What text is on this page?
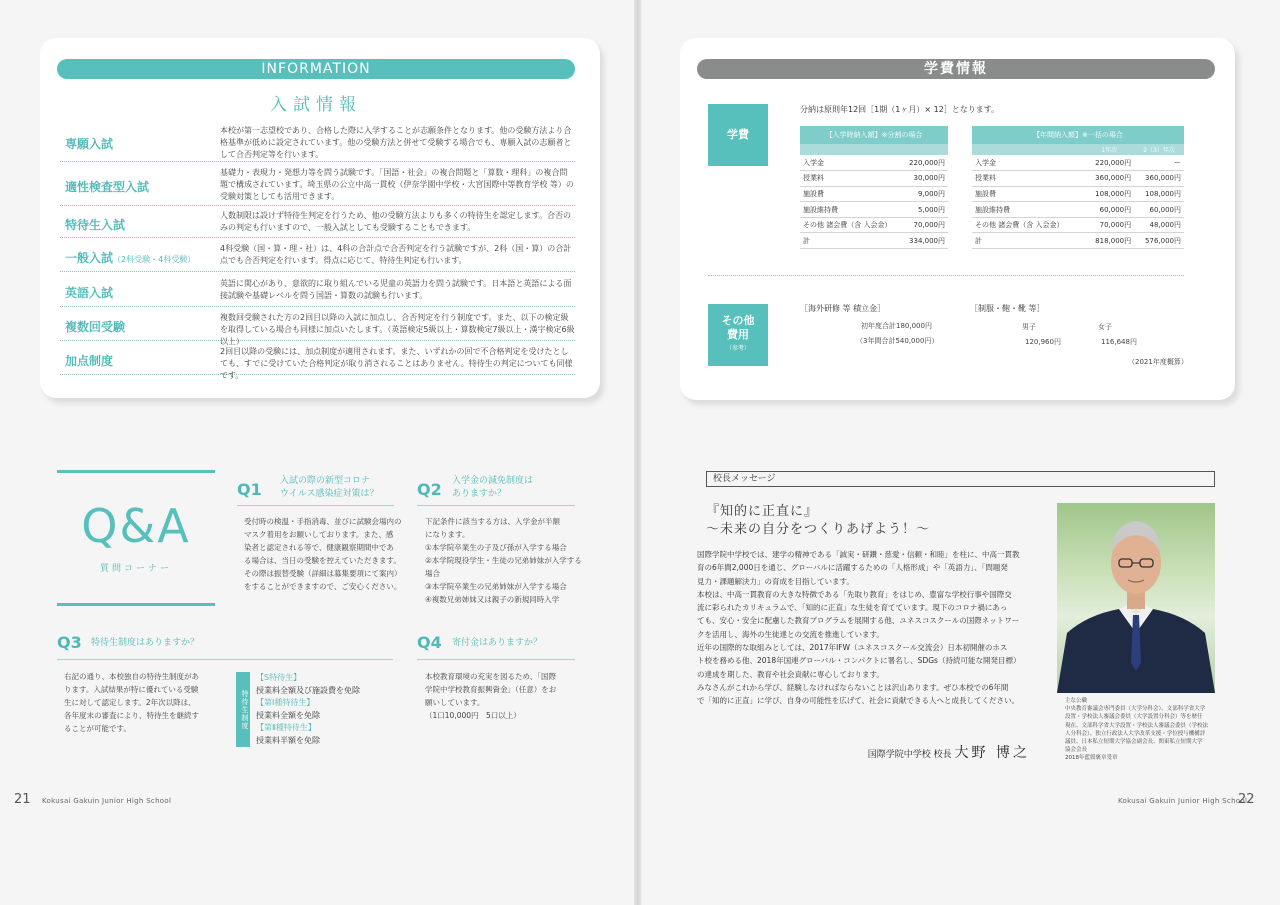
INFORMATION
入試情報
専願入試
本校が第一志望校であり、合格した際に入学することが志願条件となります。他の受験方法より合格基準が低めに設定されています。他の受験方法と併せて受験する場合でも、専願入試の志願者として合否判定等を行います。
適性検査型入試
基礎力・表現力・発想力等を問う試験です。「国語・社会」の複合問題と「算数・理科」の複合問題で構成されています。埼玉県の公立中高一貫校（伊奈学園中学校・大宮国際中等教育学校 等）の受験対策としても活用できます。
特待生入試
人数制限は設けず特待生判定を行うため、他の受験方法よりも多くの特待生を認定します。合否のみの判定も行いますので、一般入試としても受験することもできます。
一般入試（2科受験・4科受験）
4科受験（国・算・理・社）は、4科の合計点で合否判定を行う試験ですが、2科（国・算）の合計点でも合否判定を行います。得点に応じて、特待生判定も行います。
英語入試
英語に関心があり、意欲的に取り組んでいる児童の英語力を問う試験です。日本語と英語による面接試験や基礎レベルを問う国語・算数の試験も行います。
複数回受験
複数回受験された方の2回目以降の入試に加点し、合否判定を行う制度です。また、以下の検定級を取得している場合も同様に加点いたします。（英語検定5級以上・算数検定7級以上・漢字検定6級以上）
加点制度
2回目以降の受験には、加点制度が適用されます。また、いずれかの回で不合格判定を受けたとしても、すでに受けていた合格判定が取り消されることはありません。特待生の判定についても同様です。
Q&A
質問コーナー
Q1 入試の際の新型コロナ
ウイルス感染症対策は？
受付時の検温・手指消毒、並びに試験会場内の
マスク着用をお願いしております。また、感
染者と認定される等で、健康観察期間中であ
る場合は、当日の受験を控えていただきます。
その際は振替受験（詳細は募集要項にて案内）
をすることができますので、ご安心ください。
Q2 入学金の減免制度は
ありますか？
下記条件に該当する方は、入学金が半額
になります。
①本学院卒業生の子及び孫が入学する場合
②本学院現役学生・生徒の兄弟姉妹が入学する場合
③本学院卒業生の兄弟姉妹が入学する場合
④複数兄弟姉妹又は親子の新規同時入学
Q3 特待生制度はありますか？
右記の通り、本校独自の特待生制度があ
ります。入試結果が特に優れている受験
生に対して認定します。2年次以降は、
各年度末の審査により、特待生を継続す
ることが可能です。	特待生制度
【S特待生】
授業料全額及び施設費を免除
【第Ⅰ種特待生】
授業料全額を免除
【第Ⅱ種特待生】
授業料半額を免除
Q4 寄付金はありますか？
本校教育環境の充実を図るため、「国際
学院中学校教育振興資金」（任意）をお
願いしています。
（1口10,000円　5口以上）
21 Kokusai Gakuin Junior High School
学費情報
学費
分納は原則年12回［1期（1ヶ月）× 12］となります。
【入学時納入額】※分割の場合	

入学金	220,000円
授業料	30,000円
施設費	9,000円
施設維持費	5,000円
その他 諸会費（含 入会金）	70,000円
計	334,000円
【年間納入額】※一括の場合		
	1年次	2（3）年次
入学金	220,000円	ー
授業料	360,000円	360,000円
施設費	108,000円	108,000円
施設維持費	60,000円	60,000円
その他 諸会費（含 入会金）	70,000円	48,000円
計	818,000円	576,000円
その他
費用
（参考）
［海外研修 等 積立金］
初年度合計180,000円
（3年間合計540,000円）
［制服・鞄・靴 等］
男子	女子
120,960円	116,648円
（2021年度概算）
校長メッセージ
『知的に正直に』
～未来の自分をつくりあげよう！～
国際学院中学校では、建学の精神である「誠実・研鑽・慈愛・信頼・和睦」を柱に、中高一貫教
育の6年間2,000日を通じ、グローバルに活躍するための「人格形成」や「英語力」、「問題発
見力・課題解決力」の育成を目指しています。
本校は、中高一貫教育の大きな特徴である「先取り教育」をはじめ、豊富な学校行事や国際交
流に彩られたカリキュラムで、「知的に正直」な生徒を育てています。現下のコロナ禍にあっ
ても、安心・安全に配慮した教育プログラムを展開する他、ユネスコスクールの国際ネットワー
クを活用し、海外の生徒達との交流を推進しています。
近年の国際的な取組みとしては、2017年IFW（ユネスコスクール交流会）日本初開催のホス
ト校を務める他、2018年国連グローバル・コンパクトに署名し、SDGs（持続可能な開発目標）
の達成を期した、教育や社会貢献に専心しております。
みなさんがこれから学び、経験しなければならないことは沢山あります。ぜひ本校での6年間
で「知的に正直」に学び、自身の可能性を広げて、社会に貢献できる人へと成長してください。
国際学院中学校 校長 大野 博之
主な公職
中央教育審議会専門委員（大学分科会）、文部科学省大学
設置・学校法人審議会委員（大学設置分科会）等を歴任
現在、文部科学省大学設置・学校法人審議会委員（学校法
人分科会）、独立行政法人大学改革支援・学位授与機構評
議員、日本私立短期大学協会副会長、関東私立短期大学
協会会長
2018年藍綬褒章受章
Kokusai Gakuin Junior High School
22
